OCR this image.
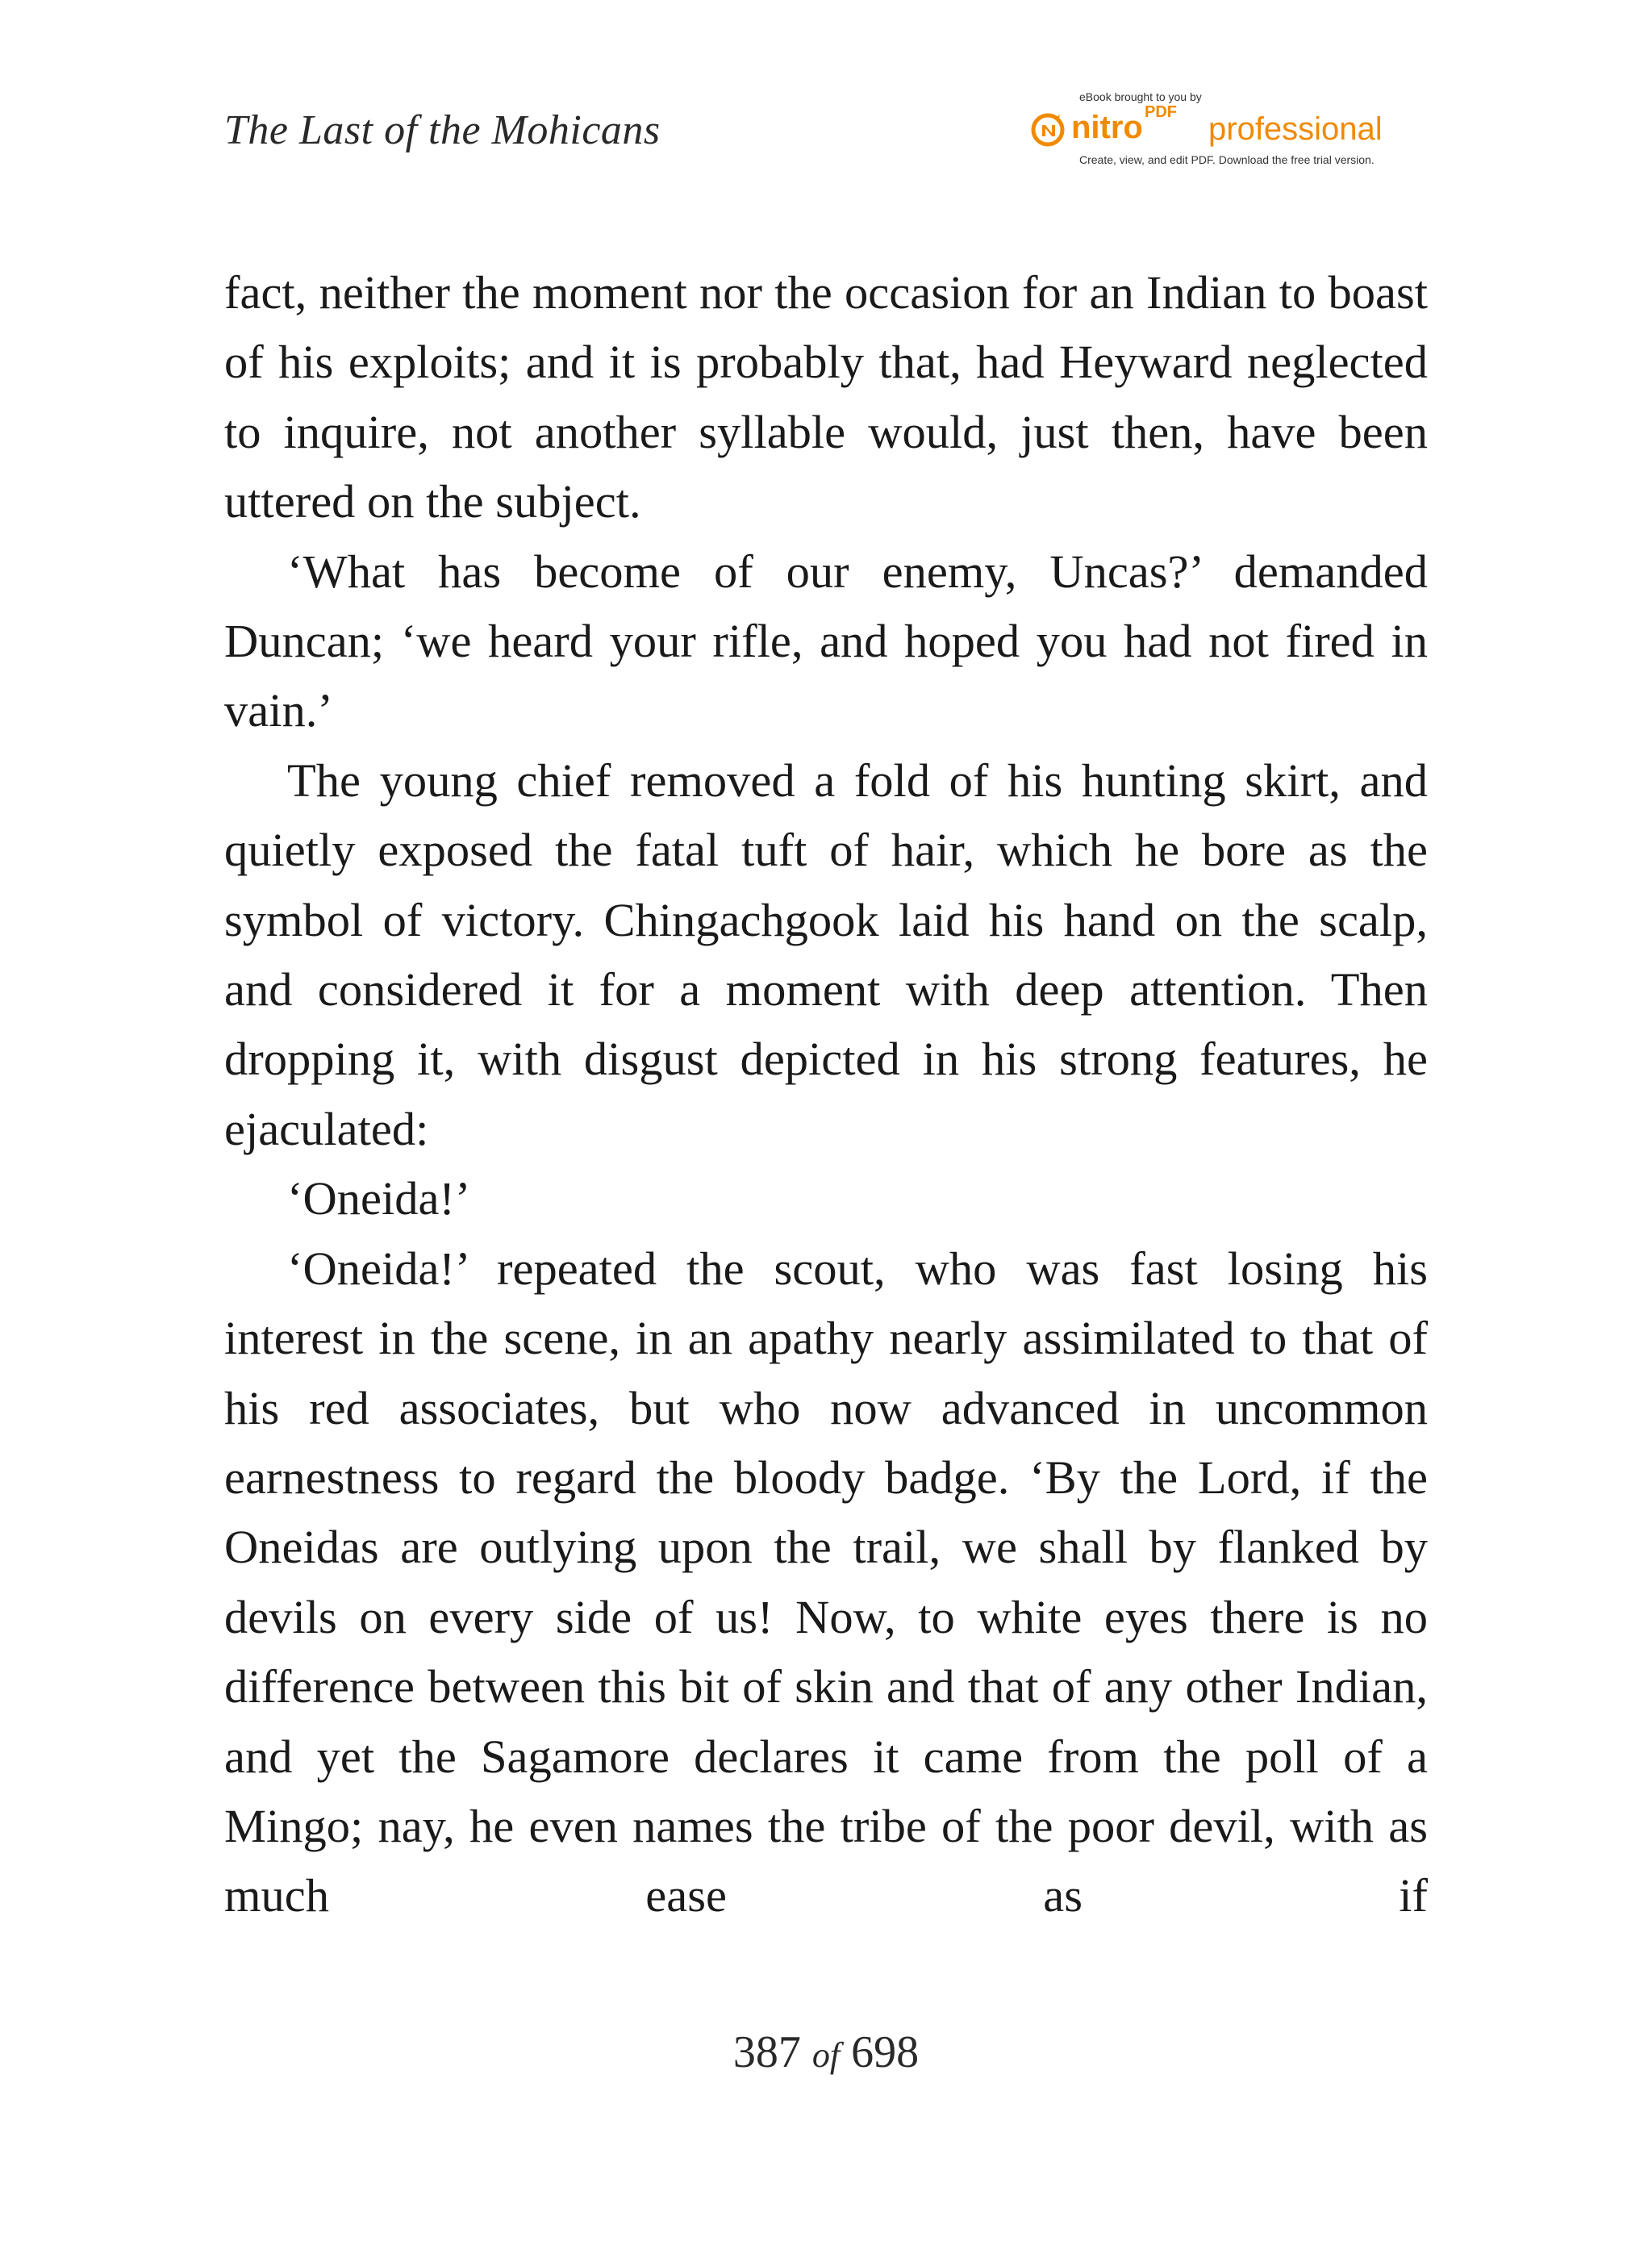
The Last of the Mohicans
eBook brought to you by
nitro PDF professional
Create, view, and edit PDF. Download the free trial version.

fact, neither the moment nor the occasion for an Indian to boast of his exploits; and it is probably that, had Heyward neglected to inquire, not another syllable would, just then, have been uttered on the subject.

‘What has become of our enemy, Uncas?’ demanded Duncan; ‘we heard your rifle, and hoped you had not fired in vain.’

The young chief removed a fold of his hunting skirt, and quietly exposed the fatal tuft of hair, which he bore as the symbol of victory. Chingachgook laid his hand on the scalp, and considered it for a moment with deep attention. Then dropping it, with disgust depicted in his strong features, he ejaculated:

‘Oneida!’

‘Oneida!’ repeated the scout, who was fast losing his interest in the scene, in an apathy nearly assimilated to that of his red associates, but who now advanced in uncommon earnestness to regard the bloody badge. ‘By the Lord, if the Oneidas are outlying upon the trail, we shall by flanked by devils on every side of us! Now, to white eyes there is no difference between this bit of skin and that of any other Indian, and yet the Sagamore declares it came from the poll of a Mingo; nay, he even names the tribe of the poor devil, with as much ease as if

387 of 698
